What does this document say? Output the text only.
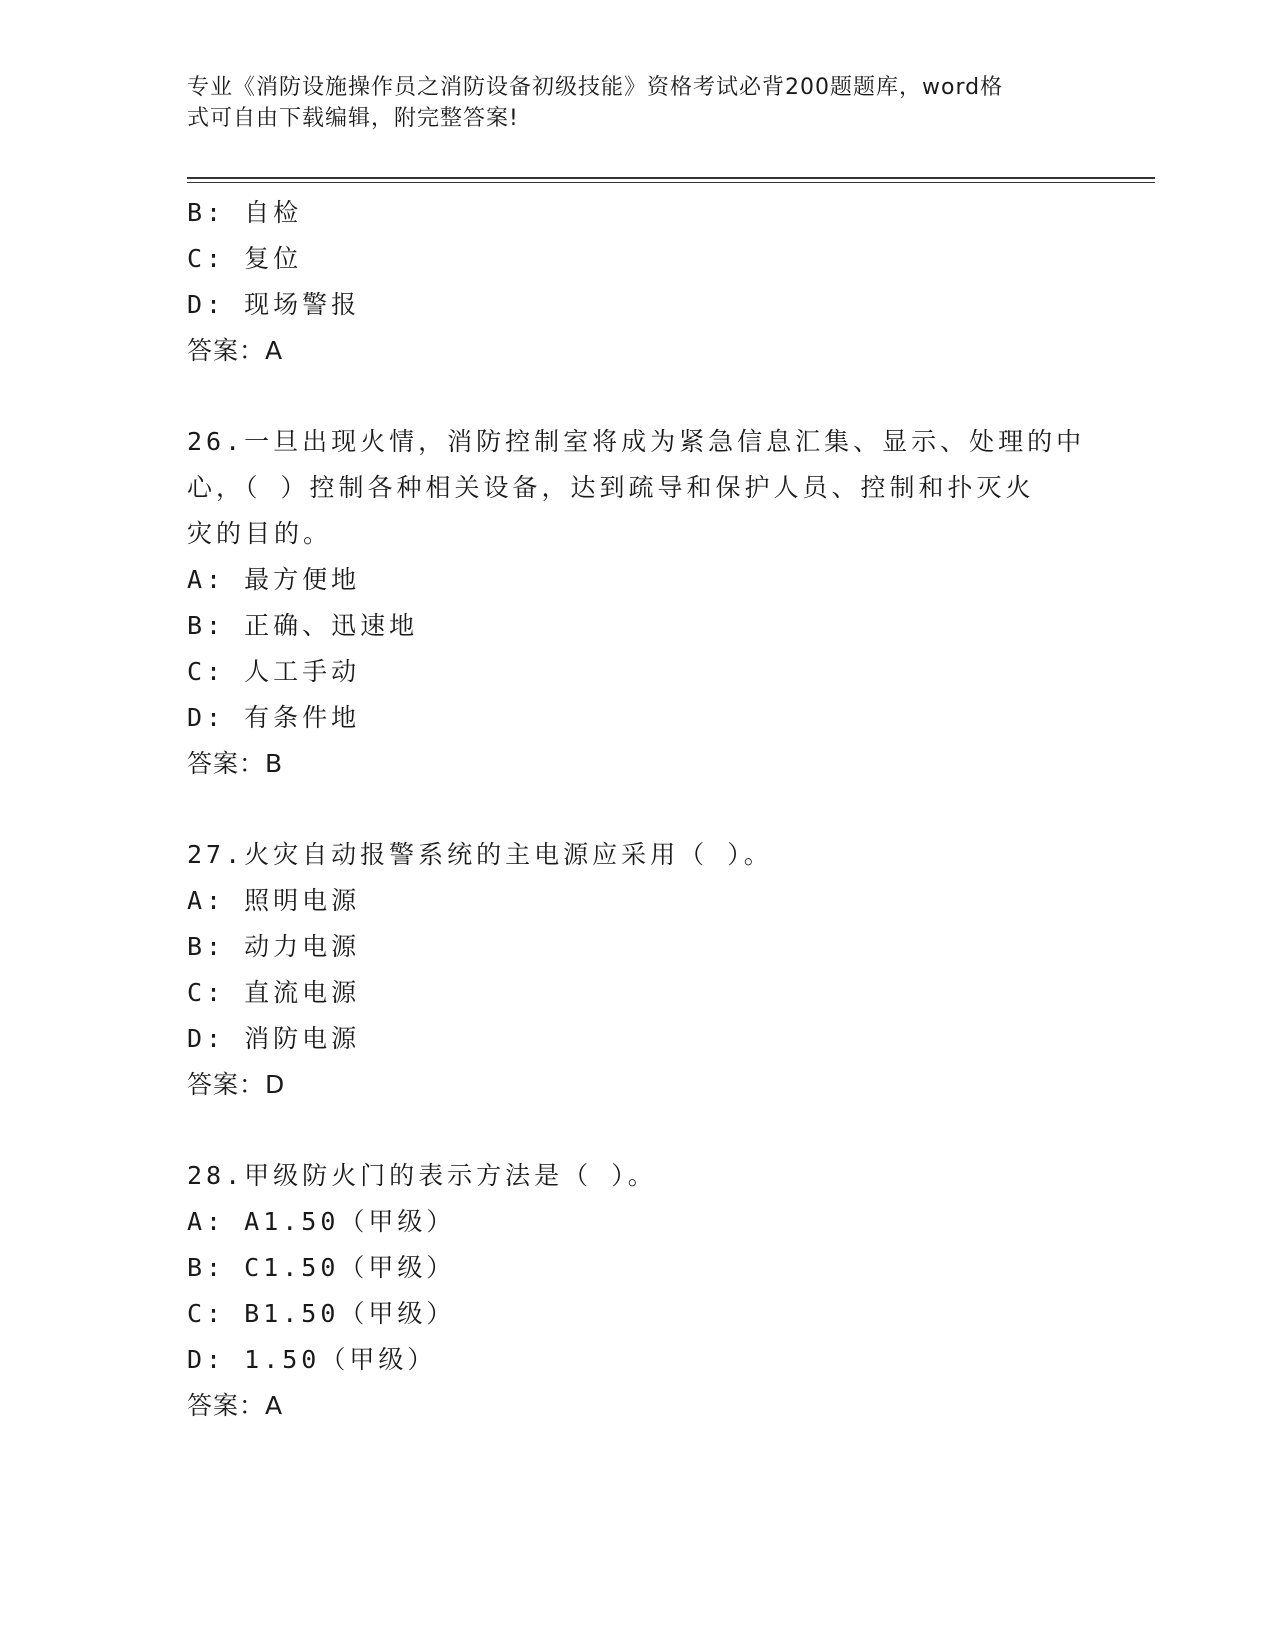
专业《消防设施操作员之消防设备初级技能》资格考试必背200题题库，word格
式可自由下载编辑，附完整答案!
B: 自检
C: 复位
D: 现场警报
答案：A
26.一旦出现火情，消防控制室将成为紧急信息汇集、显示、处理的中
心，（ ）控制各种相关设备，达到疏导和保护人员、控制和扑灭火
灾的目的。
A: 最方便地
B: 正确、迅速地
C: 人工手动
D: 有条件地
答案：B
27.火灾自动报警系统的主电源应采用（ ）。
A: 照明电源
B: 动力电源
C: 直流电源
D: 消防电源
答案：D
28.甲级防火门的表示方法是（ ）。
A: A1.50（甲级）
B: C1.50（甲级）
C: B1.50（甲级）
D: 1.50（甲级）
答案：A
